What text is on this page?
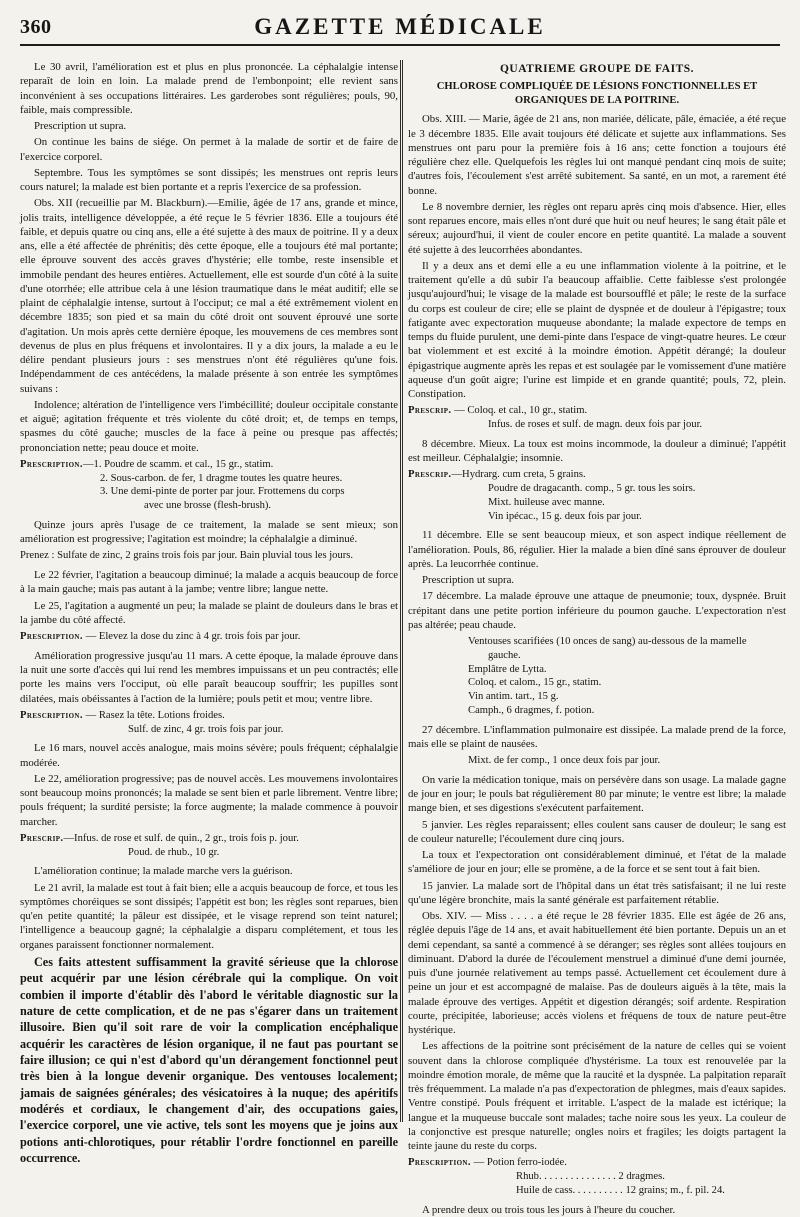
360	GAZETTE MÉDICALE

Le 30 avril, l'amélioration est et plus en plus prononcée. La céphalalgie intense reparaît de loin en loin. La malade prend de l'embonpoint; elle revient sans inconvénient à ses occupations littéraires. Les garderobes sont régulières; pouls, 90, faible, mais compressible.

Prescription ut supra.

On continue les bains de siége. On permet à la malade de sortir et de faire de l'exercice corporel.

Septembre. Tous les symptômes se sont dissipés; les menstrues ont repris leurs cours naturel; la malade est bien portante et a repris l'exercice de sa profession.

Obs. XII (recueillie par M. Blackburn).—Emilie, âgée de 17 ans, grande et mince, jolis traits, intelligence développée, a été reçue le 5 février 1836. Elle a toujours été faible, et depuis quatre ou cinq ans, elle a été sujette à des maux de poitrine. Il y a deux ans, elle a été affectée de phrénitis; dès cette époque, elle a toujours été mal portante; elle éprouve souvent des accès graves d'hystérie; elle tombe, reste insensible et immobile pendant des heures entières. Actuellement, elle est sourde d'un côté à la suite d'une otorrhée; elle attribue cela à une lésion traumatique dans le méat auditif; elle se plaint de céphalalgie intense, surtout à l'occiput; ce mal a été extrêmement violent en décembre 1835; son pied et sa main du côté droit ont souvent éprouvé une sorte d'agitation. Un mois après cette dernière époque, les mouvemens de ces membres sont devenus de plus en plus fréquens et involontaires. Il y a dix jours, la malade a eu le délire pendant plusieurs jours : ses menstrues n'ont été régulières qu'une fois. Indépendamment de ces antécédens, la malade présente à son entrée les symptômes suivans :

Indolence; altération de l'intelligence vers l'imbécillité; douleur occipitale constante et aiguë; agitation fréquente et très violente du côté droit; et, de temps en temps, spasmes du côté gauche; muscles de la face à peine ou presque pas affectés; prononciation nette; peau douce et moite.

Prescription.—1. Poudre de scamm. et cal., 15 gr., statim.
2. Sous-carbon. de fer, 1 dragme toutes les quatre heures.
3. Une demi-pinte de porter par jour. Frottemens du corps
avec une brosse (flesh-brush).

Quinze jours après l'usage de ce traitement, la malade se sent mieux; son amélioration est progressive; l'agitation est moindre; la céphalalgie a diminué.

Prenez : Sulfate de zinc, 2 grains trois fois par jour. Bain pluvial tous les jours.

Le 22 février, l'agitation a beaucoup diminué; la malade a acquis beaucoup de force à la main gauche; mais pas autant à la jambe; ventre libre; langue nette.

Le 25, l'agitation a augmenté un peu; la malade se plaint de douleurs dans le bras et la jambe du côté affecté.

Prescription. — Elevez la dose du zinc à 4 gr. trois fois par jour.

Amélioration progressive jusqu'au 11 mars. A cette époque, la malade éprouve dans la nuit une sorte d'accès qui lui rend les membres impuissans et un peu contractés; elle porte les mains vers l'occiput, où elle paraît beaucoup souffrir; les pupilles sont dilatées, mais obéissantes à l'action de la lumière; pouls petit et mou; ventre libre.

Prescription. — Rasez la tête. Lotions froides.
Sulf. de zinc, 4 gr. trois fois par jour.

Le 16 mars, nouvel accès analogue, mais moins sévère; pouls fréquent; céphalalgie modérée.

Le 22, amélioration progressive; pas de nouvel accès. Les mouvemens involontaires sont beaucoup moins prononcés; la malade se sent bien et parle librement. Ventre libre; pouls fréquent; la surdité persiste; la force augmente; la malade commence à pouvoir marcher.

Prescrip.—Infus. de rose et sulf. de quin., 2 gr., trois fois p. jour.
Poud. de rhub., 10 gr.

L'amélioration continue; la malade marche vers la guérison.

Le 21 avril, la malade est tout à fait bien; elle a acquis beaucoup de force, et tous les symptômes choréiques se sont dissipés; l'appétit est bon; les règles sont reparues, bien qu'en petite quantité; la pâleur est dissipée, et le visage reprend son teint naturel; l'intelligence a beaucoup gagné; la céphalalgie a disparu complétement, et tous les organes paraissent fonctionner normalement.

Ces faits attestent suffisamment la gravité sérieuse que la chlorose peut acquérir par une lésion cérébrale qui la complique. On voit combien il importe d'établir dès l'abord le véritable diagnostic sur la nature de cette complication, et de ne pas s'égarer dans un traitement illusoire. Bien qu'il soit rare de voir la complication encéphalique acquérir les caractères de lésion organique, il ne faut pas pourtant se faire illusion; ce qui n'est d'abord qu'un dérangement fonctionnel peut très bien à la longue devenir organique. Des ventouses localement; jamais de saignées générales; des vésicatoires à la nuque; des apéritifs modérés et cordiaux, le changement d'air, des occupations gaies, l'exercice corporel, une vie active, tels sont les moyens que je joins aux potions anti-chlorotiques, pour rétablir l'ordre fonctionnel en pareille occurrence.

QUATRIEME GROUPE DE FAITS.

CHLOROSE COMPLIQUÉE DE LÉSIONS FONCTIONNELLES ET ORGANIQUES DE LA POITRINE.

Obs. XIII. — Marie, âgée de 21 ans, non mariée, délicate, pâle, émaciée, a été reçue le 3 décembre 1835. Elle avait toujours été délicate et sujette aux inflammations. Ses menstrues ont paru pour la première fois à 16 ans; cette fonction a toujours été régulière chez elle. Quelquefois les règles lui ont manqué pendant cinq mois de suite; d'autres fois, l'écoulement s'est arrêté subitement. Sa santé, en un mot, a rarement été bonne.

Le 8 novembre dernier, les règles ont reparu après cinq mois d'absence. Hier, elles sont reparues encore, mais elles n'ont duré que huit ou neuf heures; le sang était pâle et séreux; aujourd'hui, il vient de couler encore en petite quantité. La malade a souvent été sujette à des leucorrhées abondantes.

Il y a deux ans et demi elle a eu une inflammation violente à la poitrine, et le traitement qu'elle a dû subir l'a beaucoup affaiblie. Cette faiblesse s'est prolongée jusqu'aujourd'hui; le visage de la malade est boursoufflé et pâle; le reste de la surface du corps est couleur de cire; elle se plaint de dyspnée et de douleur à l'épigastre; toux fatigante avec expectoration muqueuse abondante; la malade expectore de temps en temps du fluide purulent, une demi-pinte dans l'espace de vingt-quatre heures. Le cœur bat violemment et est excité à la moindre émotion. Appétit dérangé; la douleur épigastrique augmente après les repas et est soulagée par le vomissement d'une matière aqueuse d'un goût aigre; l'urine est limpide et en grande quantité; pouls, 72, plein. Constipation.

Prescrip. — Coloq. et cal., 10 gr., statim.
Infus. de roses et sulf. de magn. deux fois par jour.

8 décembre. Mieux. La toux est moins incommode, la douleur a diminué; l'appétit est meilleur. Céphalalgie; insomnie.

Prescrip.—Hydrarg. cum creta, 5 grains.
Poudre de dragacanth. comp., 5 gr. tous les soirs.
Mixt. huileuse avec manne.
Vin ipécac., 15 g. deux fois par jour.

11 décembre. Elle se sent beaucoup mieux, et son aspect indique réellement de l'amélioration. Pouls, 86, régulier. Hier la malade a bien dîné sans éprouver de douleur après. La leucorrhée continue.

Prescription ut supra.

17 décembre. La malade éprouve une attaque de pneumonie; toux, dyspnée. Bruit crépitant dans une petite portion inférieure du poumon gauche. L'expectoration n'est pas altérée; peau chaude.

Ventouses scarifiées (10 onces de sang) au-dessous de la mamelle
gauche.
Emplâtre de Lytta.
Coloq. et calom., 15 gr., statim.
Vin antim. tart., 15 g.
Camph., 6 dragmes, f. potion.

27 décembre. L'inflammation pulmonaire est dissipée. La malade prend de la force, mais elle se plaint de nausées.

Mixt. de fer comp., 1 once deux fois par jour.

On varie la médication tonique, mais on persévère dans son usage. La malade gagne de jour en jour; le pouls bat régulièrement 80 par minute; le ventre est libre; la malade mange bien, et ses digestions s'exécutent parfaitement.

5 janvier. Les règles reparaissent; elles coulent sans causer de douleur; le sang est de couleur naturelle; l'écoulement dure cinq jours.

La toux et l'expectoration ont considérablement diminué, et l'état de la malade s'améliore de jour en jour; elle se promène, a de la force et se sent tout à fait bien.

15 janvier. La malade sort de l'hôpital dans un état très satisfaisant; il ne lui reste qu'une légère bronchite, mais la santé générale est parfaitement rétablie.

Obs. XIV. — Miss . . . . a été reçue le 28 février 1835. Elle est âgée de 26 ans, réglée depuis l'âge de 14 ans, et avait habituellement été bien portante. Depuis un an et demi cependant, sa santé a commencé à se déranger; ses règles sont allées toujours en diminuant. D'abord la durée de l'écoulement menstruel a diminué d'une demi journée, puis d'une journée relativement au temps passé. Actuellement cet écoulement dure à peine un jour et est accompagné de malaise. Pas de douleurs aiguës à la tête, mais la malade éprouve des vertiges. Appétit et digestion dérangés; soif ardente. Respiration courte, précipitée, laborieuse; accès violens et fréquens de toux de nature peut-être hystérique.

Les affections de la poitrine sont précisément de la nature de celles qui se voient souvent dans la chlorose compliquée d'hystérisme. La toux est renouvelée par la moindre émotion morale, de même que la raucité et la dyspnée. La palpitation reparaît très fréquemment. La malade n'a pas d'expectoration de phlegmes, mais d'eaux sapides. Ventre constipé. Pouls fréquent et irritable. L'aspect de la malade est ictérique; la langue et la muqueuse buccale sont malades; tache noire sous les yeux. La couleur de la conjonctive est presque naturelle; ongles noirs et fragiles; les doigts partagent la teinte jaune du reste du corps.

Prescription. — Potion ferro-iodée.
Rhub. . . . . . . . . . . . . . . 2 dragmes.
Huile de cass. . . . . . . . . . 12 grains; m., f. pil. 24.

A prendre deux ou trois tous les jours à l'heure du coucher.
